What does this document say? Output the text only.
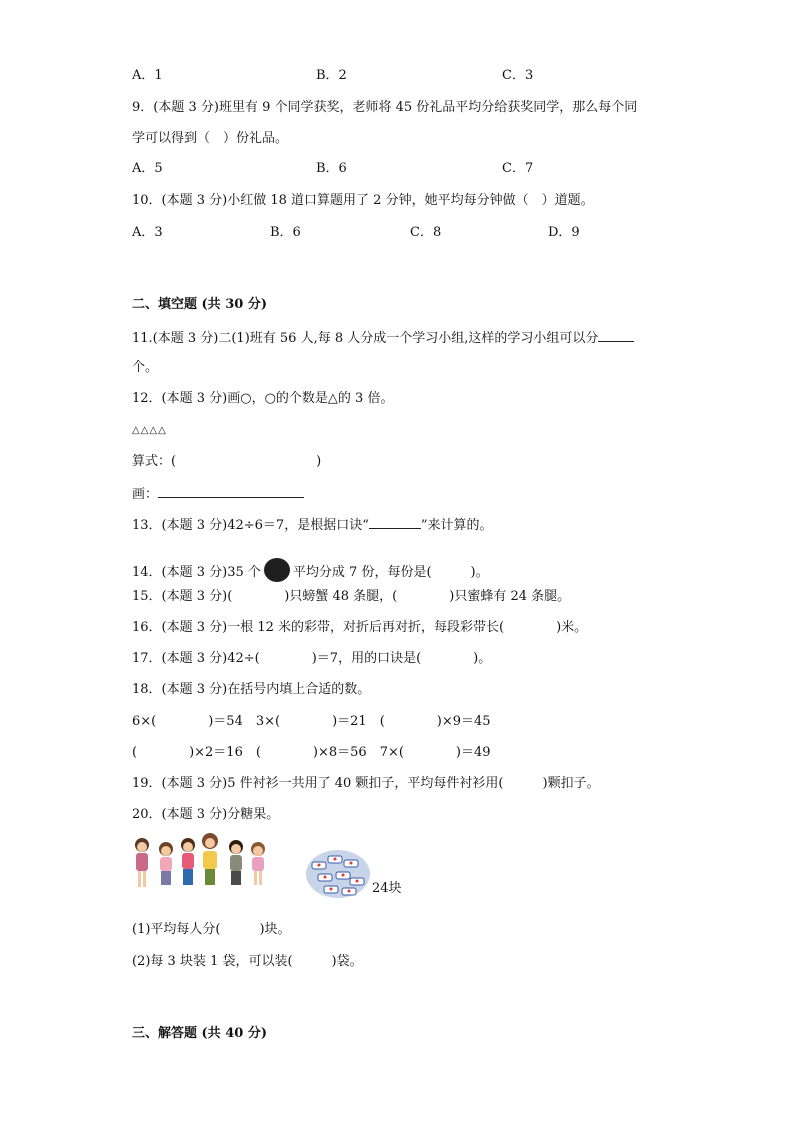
A．1	B．2	C．3
9．(本题 3 分)班里有 9 个同学获奖，老师将 45 份礼品平均分给获奖同学，那么每个同
学可以得到（　）份礼品。
A．5	B．6	C．7
10．(本题 3 分)小红做 18 道口算题用了 2 分钟，她平均每分钟做（　）道题。
A．3	B．6	C．8	D．9
二、填空题 (共 30 分)
11.(本题 3 分)二(1)班有 56 人,每 8 人分成一个学习小组,这样的学习小组可以分
个。
12．(本题 3 分)画○，○的个数是△的 3 倍。
△△△△
算式：(	)
画：
13．(本题 3 分)42÷6＝7，是根据口诀“	”来计算的。
14．(本题 3 分)35 个 平均分成 7 份，每份是(　　　)。
15．(本题 3 分)(　　　　)只螃蟹 48 条腿，(　　　　)只蜜蜂有 24 条腿。
16．(本题 3 分)一根 12 米的彩带，对折后再对折，每段彩带长(　　　　)米。
17．(本题 3 分)42÷(　　　　)＝7，用的口诀是(　　　　)。
18．(本题 3 分)在括号内填上合适的数。
6×(　　　　)＝54　3×(　　　　)＝21　(　　　　)×9＝45
(　　　　)×2＝16　(　　　　)×8＝56　7×(　　　　)＝49
19．(本题 3 分)5 件衬衫一共用了 40 颗扣子，平均每件衬衫用(　　　)颗扣子。
20．(本题 3 分)分糖果。
24块
(1)平均每人分(　　　)块。
(2)每 3 块装 1 袋，可以装(　　　)袋。
三、解答题 (共 40 分)
